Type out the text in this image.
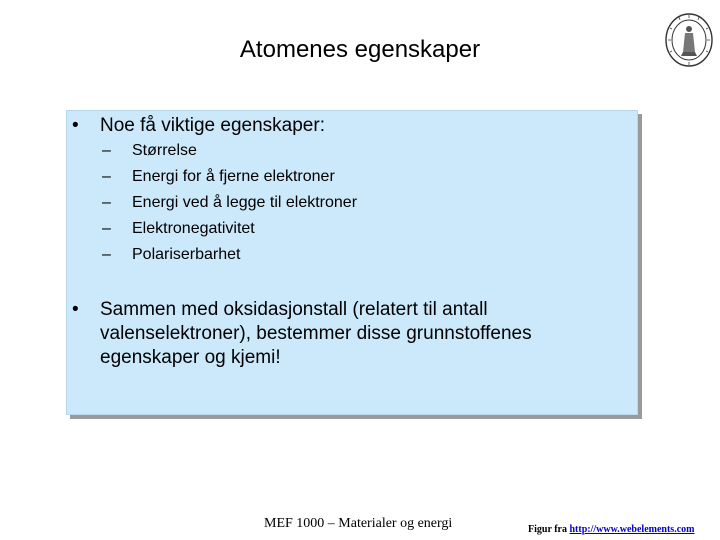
Atomenes egenskaper
• Noe få viktige egenskaper:
– Størrelse
– Energi for å fjerne elektroner
– Energi ved å legge til elektroner
– Elektronegativitet
– Polariserbarhet
• Sammen med oksidasjonstall (relatert til antall valenselektroner), bestemmer disse grunnstoffenes egenskaper og kjemi!
MEF 1000 – Materialer og energi	Figur fra http://www.webelements.com
